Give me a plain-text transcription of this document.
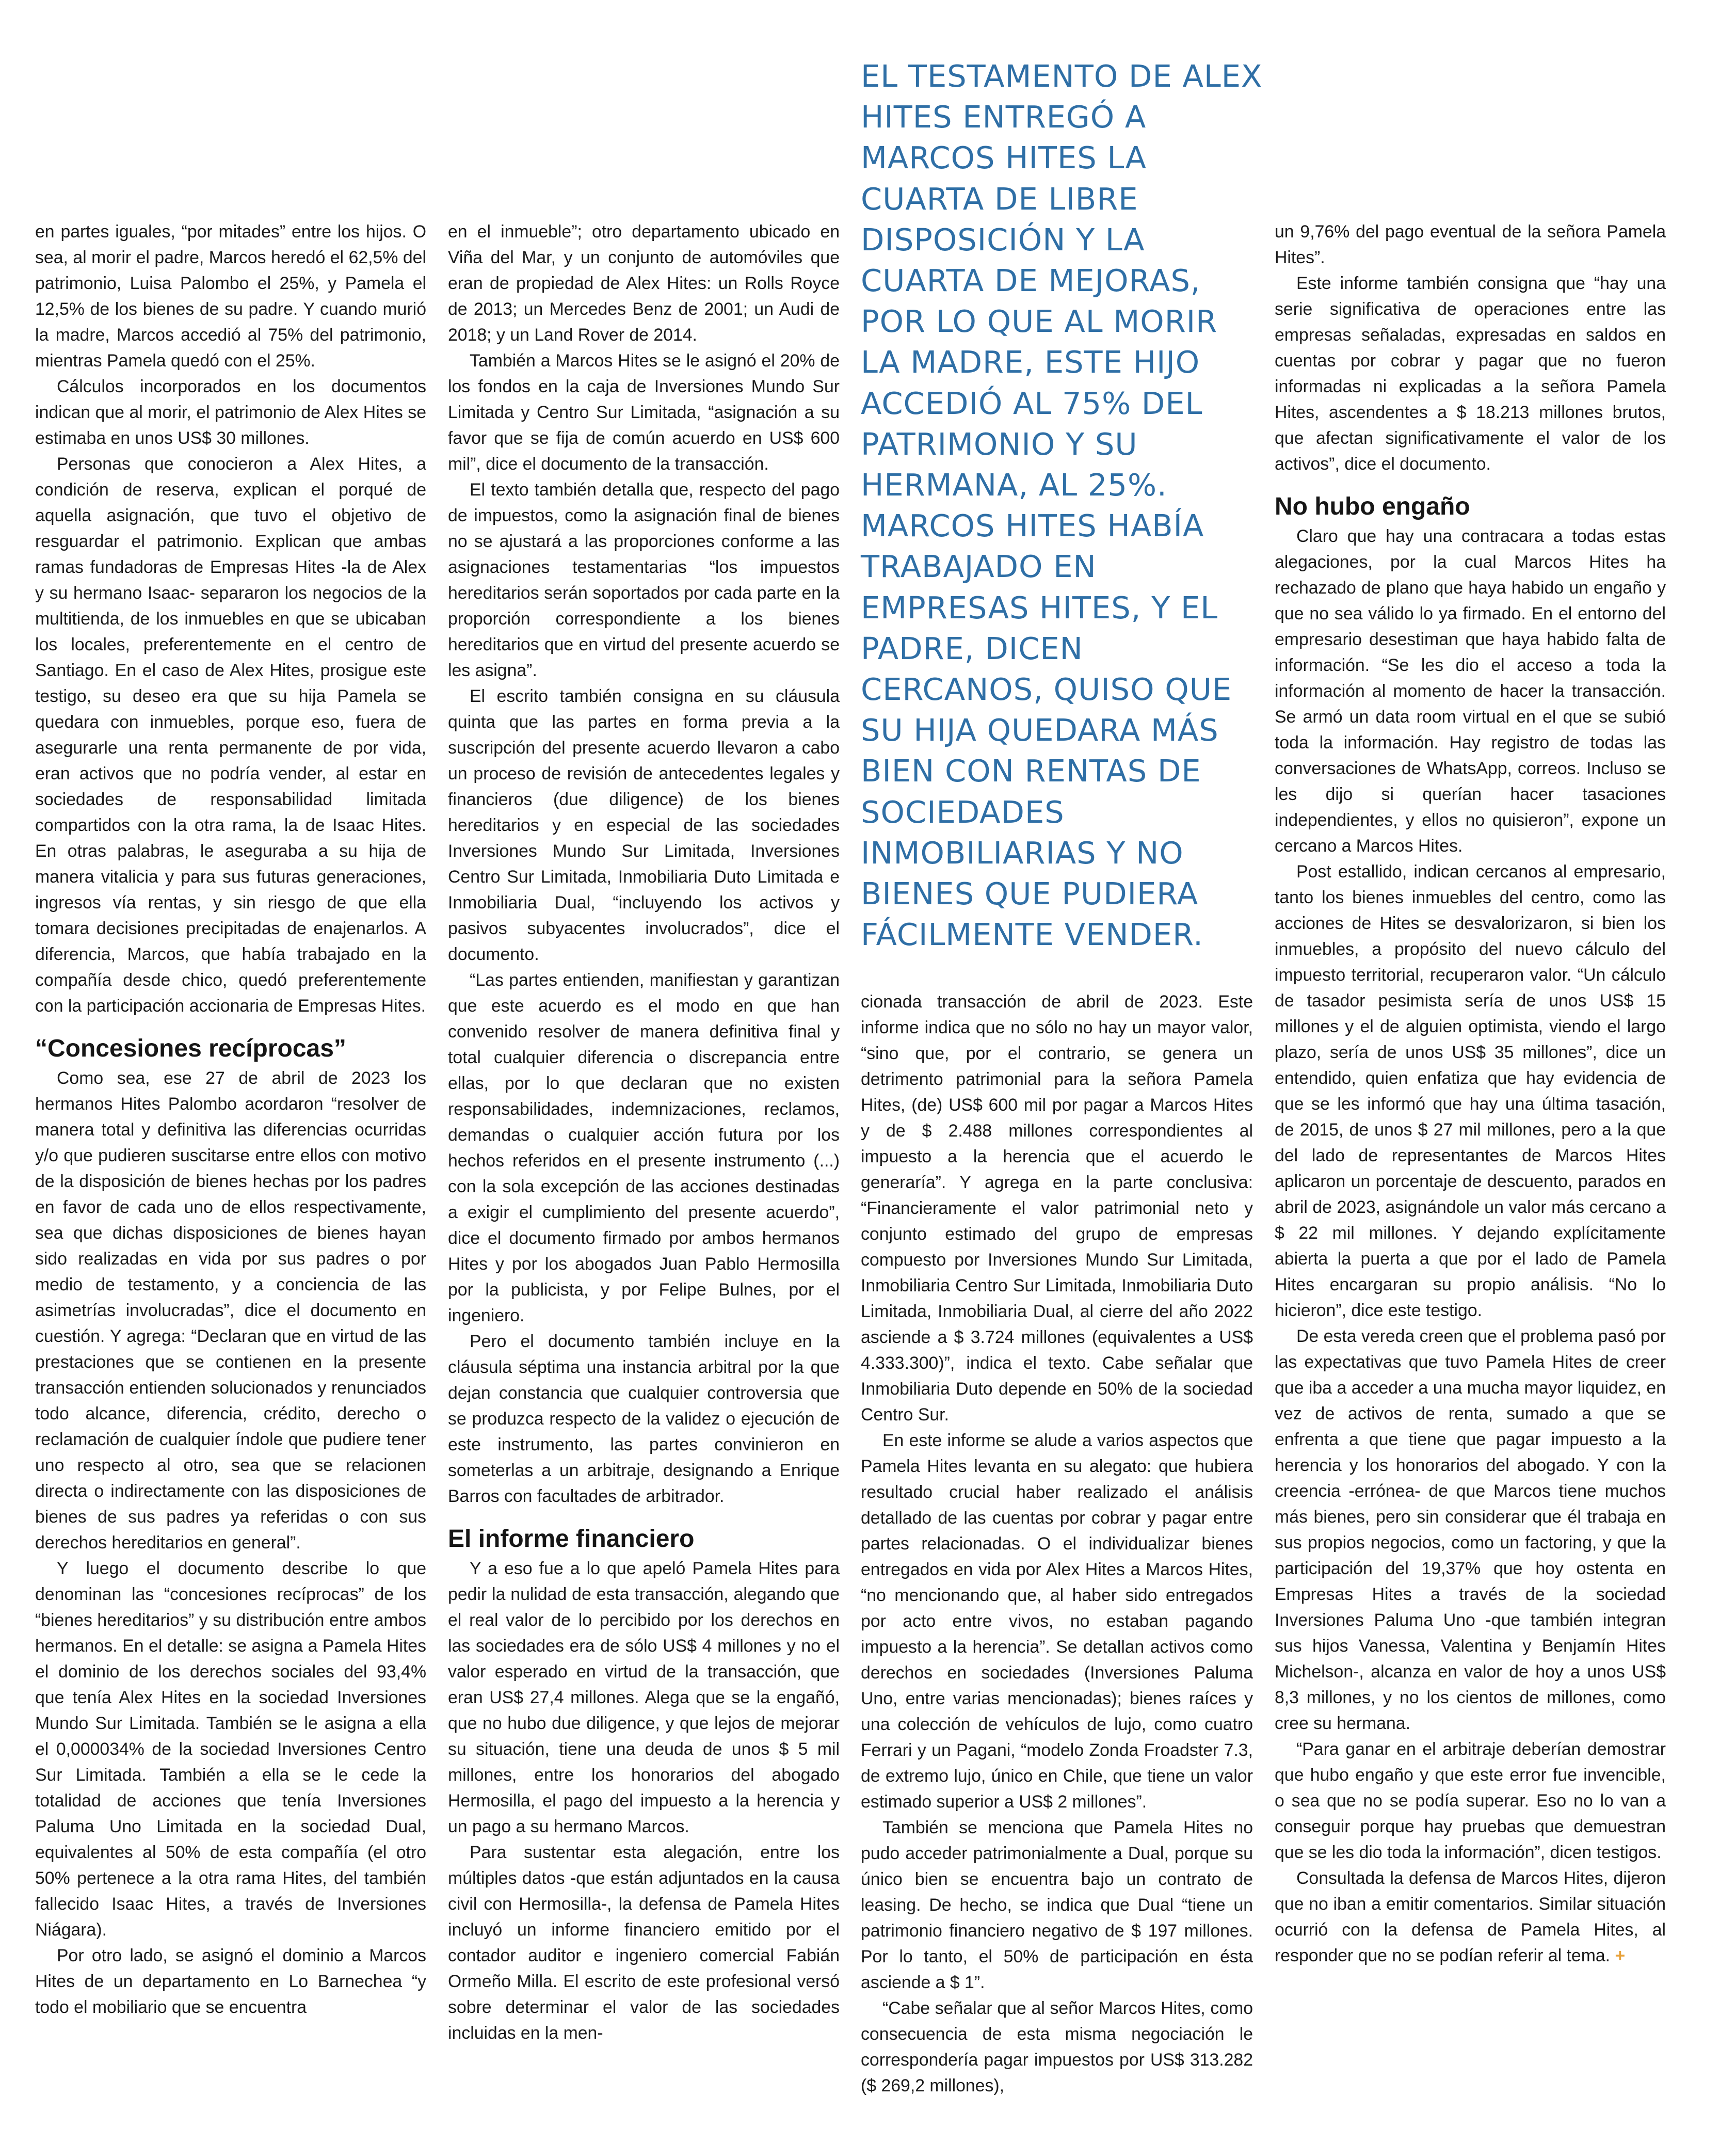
EL TESTAMENTO DE ALEX HITES ENTREGÓ A MARCOS HITES LA CUARTA DE LIBRE DISPOSICIÓN Y LA CUARTA DE MEJORAS, POR LO QUE AL MORIR LA MADRE, ESTE HIJO ACCEDIÓ AL 75% DEL PATRIMONIO Y SU HERMANA, AL 25%. MARCOS HITES HABÍA TRABAJADO EN EMPRESAS HITES, Y EL PADRE, DICEN CERCANOS, QUISO QUE SU HIJA QUEDARA MÁS BIEN CON RENTAS DE SOCIEDADES INMOBILIARIAS Y NO BIENES QUE PUDIERA FÁCILMENTE VENDER.

en partes iguales, “por mitades” entre los hijos. O sea, al morir el padre, Marcos heredó el 62,5% del patrimonio, Luisa Palombo el 25%, y Pamela el 12,5% de los bienes de su padre. Y cuando murió la madre, Marcos accedió al 75% del patrimonio, mientras Pamela quedó con el 25%.

Cálculos incorporados en los documentos indican que al morir, el patrimonio de Alex Hites se estimaba en unos US$ 30 millones.

Personas que conocieron a Alex Hites, a condición de reserva, explican el porqué de aquella asignación, que tuvo el objetivo de resguardar el patrimonio. Explican que ambas ramas fundadoras de Empresas Hites -la de Alex y su hermano Isaac- separaron los negocios de la multitienda, de los inmuebles en que se ubicaban los locales, preferentemente en el centro de Santiago. En el caso de Alex Hites, prosigue este testigo, su deseo era que su hija Pamela se quedara con inmuebles, porque eso, fuera de asegurarle una renta permanente de por vida, eran activos que no podría vender, al estar en sociedades de responsabilidad limitada compartidos con la otra rama, la de Isaac Hites. En otras palabras, le aseguraba a su hija de manera vitalicia y para sus futuras generaciones, ingresos vía rentas, y sin riesgo de que ella tomara decisiones precipitadas de enajenarlos. A diferencia, Marcos, que había trabajado en la compañía desde chico, quedó preferentemente con la participación accionaria de Empresas Hites.

“Concesiones recíprocas”

Como sea, ese 27 de abril de 2023 los hermanos Hites Palombo acordaron “resolver de manera total y definitiva las diferencias ocurridas y/o que pudieren suscitarse entre ellos con motivo de la disposición de bienes hechas por los padres en favor de cada uno de ellos respectivamente, sea que dichas disposiciones de bienes hayan sido realizadas en vida por sus padres o por medio de testamento, y a conciencia de las asimetrías involucradas”, dice el documento en cuestión. Y agrega: “Declaran que en virtud de las prestaciones que se contienen en la presente transacción entienden solucionados y renunciados todo alcance, diferencia, crédito, derecho o reclamación de cualquier índole que pudiere tener uno respecto al otro, sea que se relacionen directa o indirectamente con las disposiciones de bienes de sus padres ya referidas o con sus derechos hereditarios en general”.

Y luego el documento describe lo que denominan las “concesiones recíprocas” de los “bienes hereditarios” y su distribución entre ambos hermanos. En el detalle: se asigna a Pamela Hites el dominio de los derechos sociales del 93,4% que tenía Alex Hites en la sociedad Inversiones Mundo Sur Limitada. También se le asigna a ella el 0,000034% de la sociedad Inversiones Centro Sur Limitada. También a ella se le cede la totalidad de acciones que tenía Inversiones Paluma Uno Limitada en la sociedad Dual, equivalentes al 50% de esta compañía (el otro 50% pertenece a la otra rama Hites, del también fallecido Isaac Hites, a través de Inversiones Niágara).

Por otro lado, se asignó el dominio a Marcos Hites de un departamento en Lo Barnechea “y todo el mobiliario que se encuentra

en el inmueble”; otro departamento ubicado en Viña del Mar, y un conjunto de automóviles que eran de propiedad de Alex Hites: un Rolls Royce de 2013; un Mercedes Benz de 2001; un Audi de 2018; y un Land Rover de 2014.

También a Marcos Hites se le asignó el 20% de los fondos en la caja de Inversiones Mundo Sur Limitada y Centro Sur Limitada, “asignación a su favor que se fija de común acuerdo en US$ 600 mil”, dice el documento de la transacción.

El texto también detalla que, respecto del pago de impuestos, como la asignación final de bienes no se ajustará a las proporciones conforme a las asignaciones testamentarias “los impuestos hereditarios serán soportados por cada parte en la proporción correspondiente a los bienes hereditarios que en virtud del presente acuerdo se les asigna”.

El escrito también consigna en su cláusula quinta que las partes en forma previa a la suscripción del presente acuerdo llevaron a cabo un proceso de revisión de antecedentes legales y financieros (due diligence) de los bienes hereditarios y en especial de las sociedades Inversiones Mundo Sur Limitada, Inversiones Centro Sur Limitada, Inmobiliaria Duto Limitada e Inmobiliaria Dual, “incluyendo los activos y pasivos subyacentes involucrados”, dice el documento.

“Las partes entienden, manifiestan y garantizan que este acuerdo es el modo en que han convenido resolver de manera definitiva final y total cualquier diferencia o discrepancia entre ellas, por lo que declaran que no existen responsabilidades, indemnizaciones, reclamos, demandas o cualquier acción futura por los hechos referidos en el presente instrumento (...) con la sola excepción de las acciones destinadas a exigir el cumplimiento del presente acuerdo”, dice el documento firmado por ambos hermanos Hites y por los abogados Juan Pablo Hermosilla por la publicista, y por Felipe Bulnes, por el ingeniero.

Pero el documento también incluye en la cláusula séptima una instancia arbitral por la que dejan constancia que cualquier controversia que se produzca respecto de la validez o ejecución de este instrumento, las partes convinieron en someterlas a un arbitraje, designando a Enrique Barros con facultades de arbitrador.

El informe financiero

Y a eso fue a lo que apeló Pamela Hites para pedir la nulidad de esta transacción, alegando que el real valor de lo percibido por los derechos en las sociedades era de sólo US$ 4 millones y no el valor esperado en virtud de la transacción, que eran US$ 27,4 millones. Alega que se la engañó, que no hubo due diligence, y que lejos de mejorar su situación, tiene una deuda de unos $ 5 mil millones, entre los honorarios del abogado Hermosilla, el pago del impuesto a la herencia y un pago a su hermano Marcos.

Para sustentar esta alegación, entre los múltiples datos -que están adjuntados en la causa civil con Hermosilla-, la defensa de Pamela Hites incluyó un informe financiero emitido por el contador auditor e ingeniero comercial Fabián Ormeño Milla. El escrito de este profesional versó sobre determinar el valor de las sociedades incluidas en la men-

cionada transacción de abril de 2023. Este informe indica que no sólo no hay un mayor valor, “sino que, por el contrario, se genera un detrimento patrimonial para la señora Pamela Hites, (de) US$ 600 mil por pagar a Marcos Hites y de $ 2.488 millones correspondientes al impuesto a la herencia que el acuerdo le generaría”. Y agrega en la parte conclusiva: “Financieramente el valor patrimonial neto y conjunto estimado del grupo de empresas compuesto por Inversiones Mundo Sur Limitada, Inmobiliaria Centro Sur Limitada, Inmobiliaria Duto Limitada, Inmobiliaria Dual, al cierre del año 2022 asciende a $ 3.724 millones (equivalentes a US$ 4.333.300)”, indica el texto. Cabe señalar que Inmobiliaria Duto depende en 50% de la sociedad Centro Sur.

En este informe se alude a varios aspectos que Pamela Hites levanta en su alegato: que hubiera resultado crucial haber realizado el análisis detallado de las cuentas por cobrar y pagar entre partes relacionadas. O el individualizar bienes entregados en vida por Alex Hites a Marcos Hites, “no mencionando que, al haber sido entregados por acto entre vivos, no estaban pagando impuesto a la herencia”. Se detallan activos como derechos en sociedades (Inversiones Paluma Uno, entre varias mencionadas); bienes raíces y una colección de vehículos de lujo, como cuatro Ferrari y un Pagani, “modelo Zonda Froadster 7.3, de extremo lujo, único en Chile, que tiene un valor estimado superior a US$ 2 millones”.

También se menciona que Pamela Hites no pudo acceder patrimonialmente a Dual, porque su único bien se encuentra bajo un contrato de leasing. De hecho, se indica que Dual “tiene un patrimonio financiero negativo de $ 197 millones. Por lo tanto, el 50% de participación en ésta asciende a $ 1”.

“Cabe señalar que al señor Marcos Hites, como consecuencia de esta misma negociación le correspondería pagar impuestos por US$ 313.282 ($ 269,2 millones),

un 9,76% del pago eventual de la señora Pamela Hites”.

Este informe también consigna que “hay una serie significativa de operaciones entre las empresas señaladas, expresadas en saldos en cuentas por cobrar y pagar que no fueron informadas ni explicadas a la señora Pamela Hites, ascendentes a $ 18.213 millones brutos, que afectan significativamente el valor de los activos”, dice el documento.

No hubo engaño

Claro que hay una contracara a todas estas alegaciones, por la cual Marcos Hites ha rechazado de plano que haya habido un engaño y que no sea válido lo ya firmado. En el entorno del empresario desestiman que haya habido falta de información. “Se les dio el acceso a toda la información al momento de hacer la transacción. Se armó un data room virtual en el que se subió toda la información. Hay registro de todas las conversaciones de WhatsApp, correos. Incluso se les dijo si querían hacer tasaciones independientes, y ellos no quisieron”, expone un cercano a Marcos Hites.

Post estallido, indican cercanos al empresario, tanto los bienes inmuebles del centro, como las acciones de Hites se desvalorizaron, si bien los inmuebles, a propósito del nuevo cálculo del impuesto territorial, recuperaron valor. “Un cálculo de tasador pesimista sería de unos US$ 15 millones y el de alguien optimista, viendo el largo plazo, sería de unos US$ 35 millones”, dice un entendido, quien enfatiza que hay evidencia de que se les informó que hay una última tasación, de 2015, de unos $ 27 mil millones, pero a la que del lado de representantes de Marcos Hites aplicaron un porcentaje de descuento, parados en abril de 2023, asignándole un valor más cercano a $ 22 mil millones. Y dejando explícitamente abierta la puerta a que por el lado de Pamela Hites encargaran su propio análisis. “No lo hicieron”, dice este testigo.

De esta vereda creen que el problema pasó por las expectativas que tuvo Pamela Hites de creer que iba a acceder a una mucha mayor liquidez, en vez de activos de renta, sumado a que se enfrenta a que tiene que pagar impuesto a la herencia y los honorarios del abogado. Y con la creencia -errónea- de que Marcos tiene muchos más bienes, pero sin considerar que él trabaja en sus propios negocios, como un factoring, y que la participación del 19,37% que hoy ostenta en Empresas Hites a través de la sociedad Inversiones Paluma Uno -que también integran sus hijos Vanessa, Valentina y Benjamín Hites Michelson-, alcanza en valor de hoy a unos US$ 8,3 millones, y no los cientos de millones, como cree su hermana.

“Para ganar en el arbitraje deberían demostrar que hubo engaño y que este error fue invencible, o sea que no se podía superar. Eso no lo van a conseguir porque hay pruebas que demuestran que se les dio toda la información”, dicen testigos.

Consultada la defensa de Marcos Hites, dijeron que no iban a emitir comentarios. Similar situación ocurrió con la defensa de Pamela Hites, al responder que no se podían referir al tema. +
